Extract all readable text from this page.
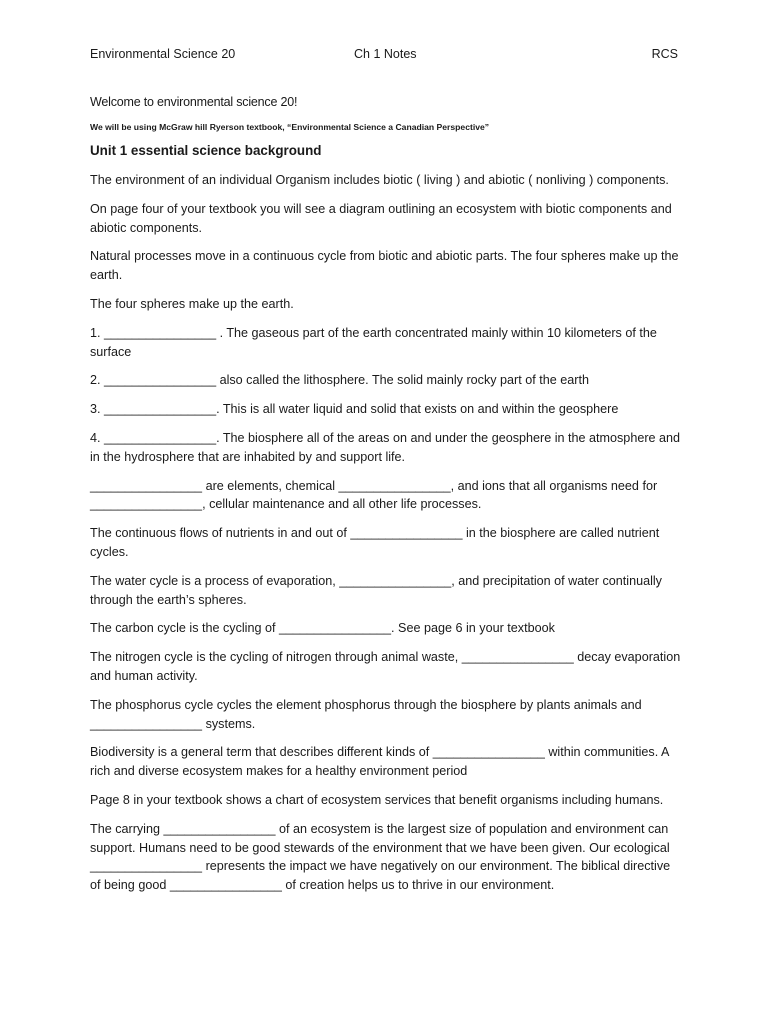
Environmental Science 20	Ch 1 Notes	RCS

Welcome to environmental science 20!

We will be using McGraw hill Ryerson textbook, “Environmental Science a Canadian Perspective”

Unit 1 essential science background

The environment of an individual Organism includes biotic ( living ) and abiotic ( nonliving ) components.

On page four of your textbook you will see a diagram outlining an ecosystem with biotic components and abiotic components.

Natural processes move in a continuous cycle from biotic and abiotic parts. The four spheres make up the earth.

The four spheres make up the earth.

1. ________________ . The gaseous part of the earth concentrated mainly within 10 kilometers of the surface

2. ________________ also called the lithosphere. The solid mainly rocky part of the earth

3. ________________. This is all water liquid and solid that exists on and within the geosphere

4. ________________. The biosphere all of the areas on and under the geosphere in the atmosphere and in the hydrosphere that are inhabited by and support life.

________________ are elements, chemical ________________, and ions that all organisms need for ________________, cellular maintenance and all other life processes.

The continuous flows of nutrients in and out of ________________ in the biosphere are called nutrient cycles.

The water cycle is a process of evaporation, ________________, and precipitation of water continually through the earth’s spheres.

The carbon cycle is the cycling of ________________. See page 6 in your textbook

The nitrogen cycle is the cycling of nitrogen through animal waste, ________________ decay evaporation and human activity.

The phosphorus cycle cycles the element phosphorus through the biosphere by plants animals and ________________ systems.

Biodiversity is a general term that describes different kinds of ________________ within communities. A rich and diverse ecosystem makes for a healthy environment period

Page 8 in your textbook shows a chart of ecosystem services that benefit organisms including humans.

The carrying ________________ of an ecosystem is the largest size of population and environment can support. Humans need to be good stewards of the environment that we have been given. Our ecological ________________ represents the impact we have negatively on our environment. The biblical directive of being good ________________ of creation helps us to thrive in our environment.
